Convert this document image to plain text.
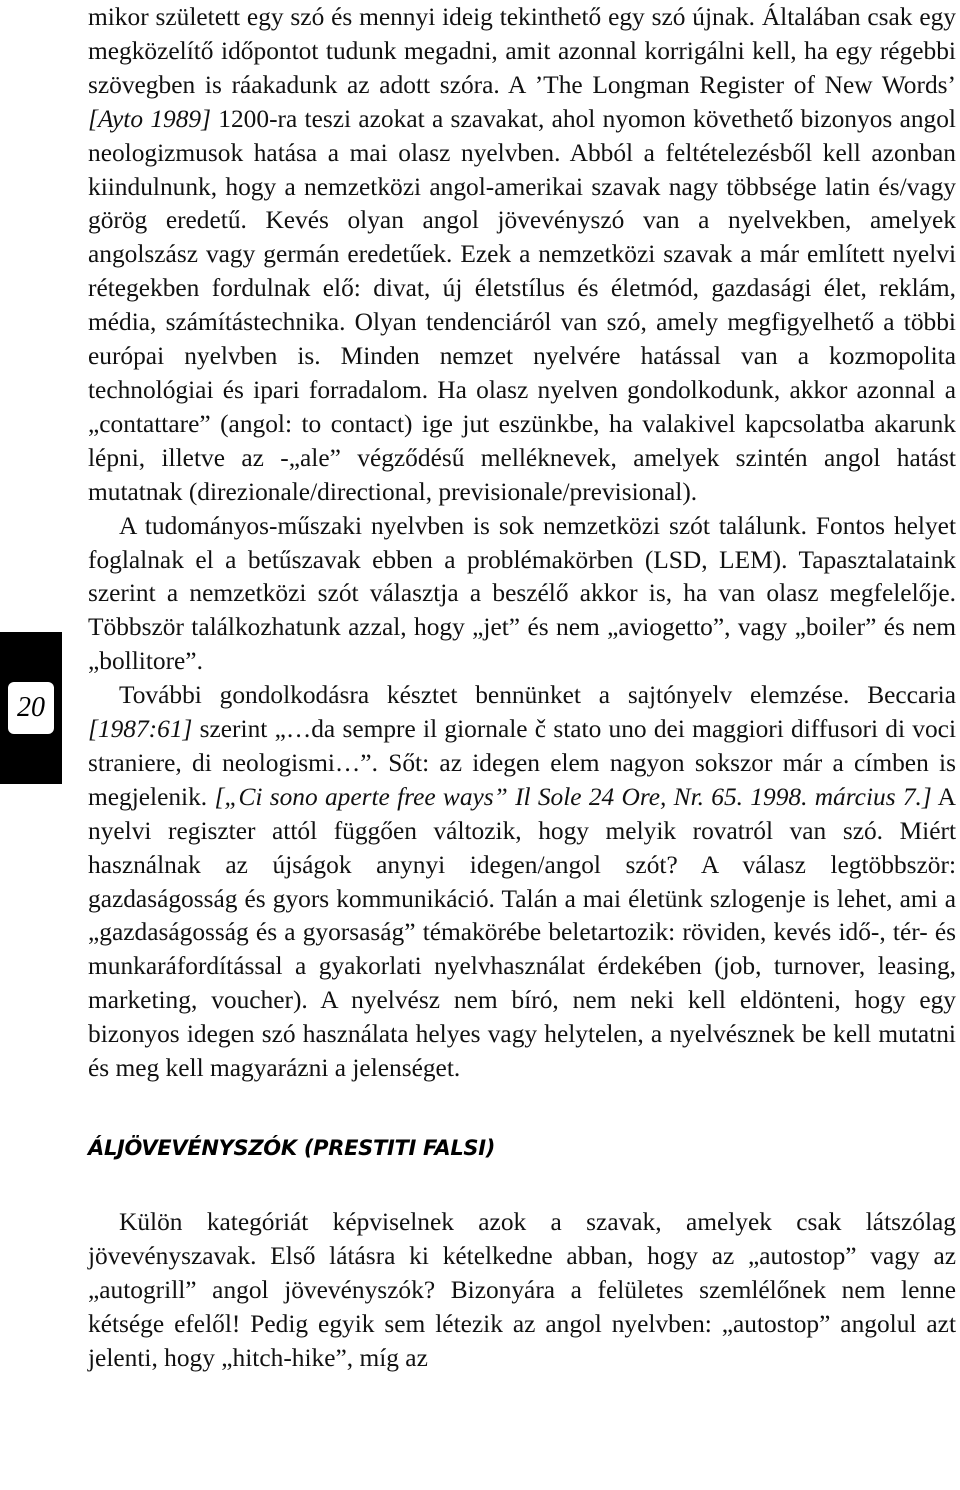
20

mikor született egy szó és mennyi ideig tekinthető egy szó újnak. Általában csak egy megközelítő időpontot tudunk megadni, amit azonnal korrigálni kell, ha egy régebbi szövegben is ráakadunk az adott szóra. A ’The Longman Register of New Words’ [Ayto 1989] 1200-ra teszi azokat a szavakat, ahol nyomon követhető bizonyos angol neologizmusok hatása a mai olasz nyelvben. Abból a feltételezésből kell azonban kiindulnunk, hogy a nemzetközi angol-amerikai szavak nagy többsége latin és/vagy görög eredetű. Kevés olyan angol jövevényszó van a nyelvekben, amelyek angolszász vagy germán eredetűek. Ezek a nemzetközi szavak a már említett nyelvi rétegekben fordulnak elő: divat, új életstílus és életmód, gazdasági élet, reklám, média, számítástechnika. Olyan tendenciáról van szó, amely megfigyelhető a többi európai nyelvben is. Minden nemzet nyelvére hatással van a kozmopolita technológiai és ipari forradalom. Ha olasz nyelven gondolkodunk, akkor azonnal a „contattare” (angol: to contact) ige jut eszünkbe, ha valakivel kapcsolatba akarunk lépni, illetve az -„ale” végződésű melléknevek, amelyek szintén angol hatást mutatnak (direzionale/directional, previsionale/previsional).

A tudományos-műszaki nyelvben is sok nemzetközi szót találunk. Fontos helyet foglalnak el a betűszavak ebben a problémakörben (LSD, LEM). Tapasztalataink szerint a nemzetközi szót választja a beszélő akkor is, ha van olasz megfelelője. Többször találkozhatunk azzal, hogy „jet” és nem „aviogetto”, vagy „boiler” és nem „bollitore”.

További gondolkodásra késztet bennünket a sajtónyelv elemzése. Beccaria [1987:61] szerint „…da sempre il giornale č stato uno dei maggiori diffusori di voci straniere, di neologismi…”. Sőt: az idegen elem nagyon sokszor már a címben is megjelenik. [„Ci sono aperte free ways” Il Sole 24 Ore, Nr. 65. 1998. március 7.] A nyelvi regiszter attól függően változik, hogy melyik rovatról van szó. Miért használnak az újságok anynyi idegen/angol szót? A válasz legtöbbször: gazdaságosság és gyors kommunikáció. Talán a mai életünk szlogenje is lehet, ami a „gazdaságosság és a gyorsaság” témakörébe beletartozik: röviden, kevés idő-, tér- és munkaráfordítással a gyakorlati nyelvhasználat érdekében (job, turnover, leasing, marketing, voucher). A nyelvész nem bíró, nem neki kell eldönteni, hogy egy bizonyos idegen szó használata helyes vagy helytelen, a nyelvésznek be kell mutatni és meg kell magyarázni a jelenséget.

ÁLJÖVEVÉNYSZÓK (PRESTITI FALSI)

Külön kategóriát képviselnek azok a szavak, amelyek csak látszólag jövevényszavak. Első látásra ki kételkedne abban, hogy az „autostop” vagy az „autogrill” angol jövevényszók? Bizonyára a felületes szemlélőnek nem lenne kétsége efelől! Pedig egyik sem létezik az angol nyelvben: „autostop” angolul azt jelenti, hogy „hitch-hike”, míg az
